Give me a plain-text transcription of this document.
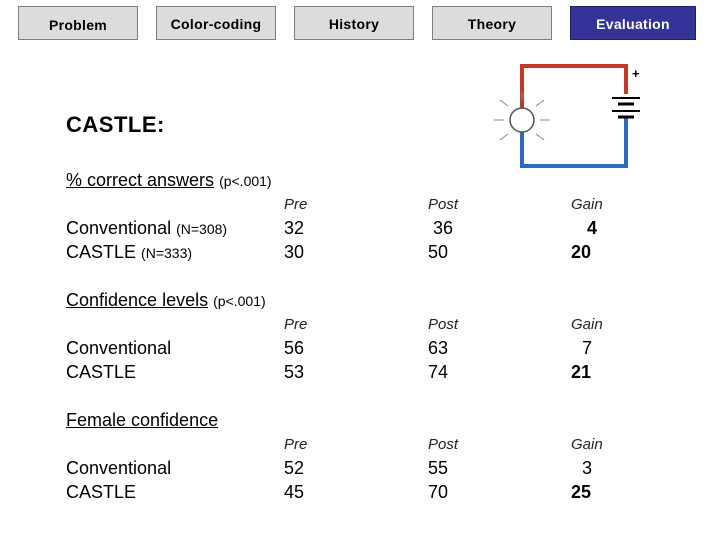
Problem	Color-coding	History	Theory	Evaluation
+
CASTLE:
% correct answers (p<.001)
Pre	Post	Gain
Conventional (N=308)	32	36	4
CASTLE (N=333)	30	50	20
Confidence levels (p<.001)
Pre	Post	Gain
Conventional	56	63	7
CASTLE	53	74	21
Female confidence
Pre	Post	Gain
Conventional	52	55	3
CASTLE	45	70	25
